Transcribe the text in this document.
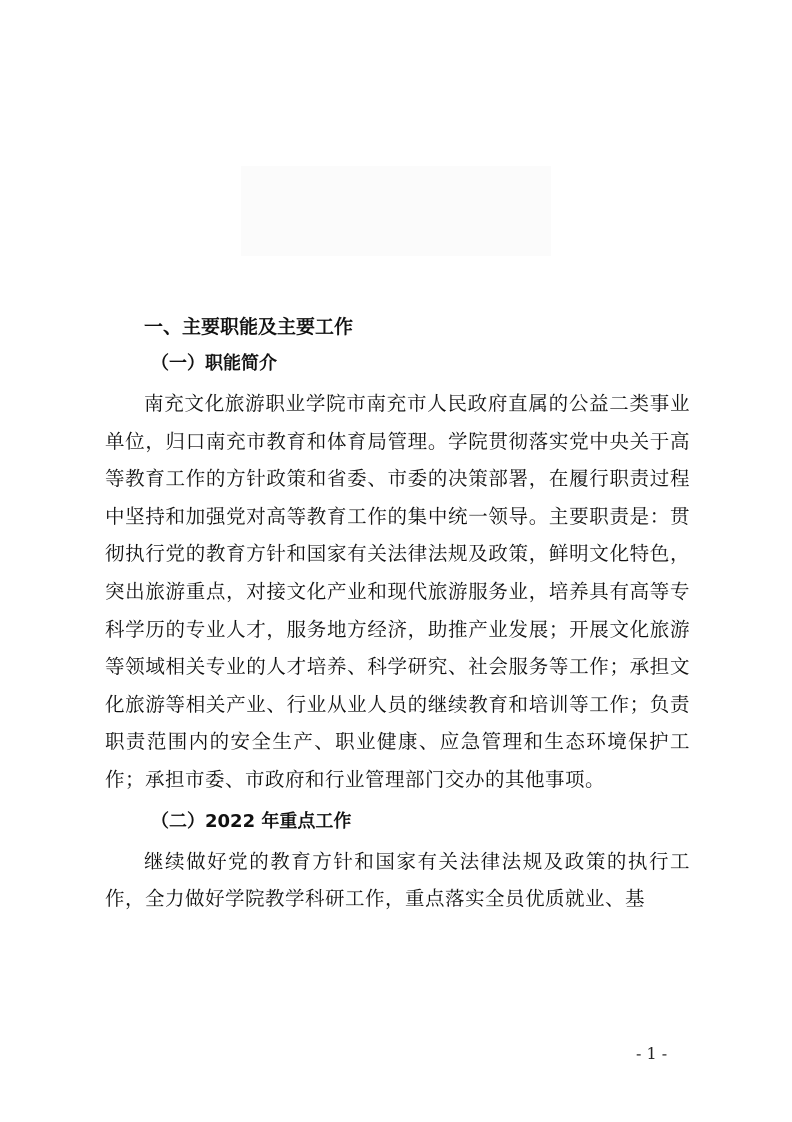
一、主要职能及主要工作
（一）职能简介

南充文化旅游职业学院市南充市人民政府直属的公益二类事业单位，归口南充市教育和体育局管理。学院贯彻落实党中央关于高等教育工作的方针政策和省委、市委的决策部署，在履行职责过程中坚持和加强党对高等教育工作的集中统一领导。主要职责是：贯彻执行党的教育方针和国家有关法律法规及政策，鲜明文化特色，突出旅游重点，对接文化产业和现代旅游服务业，培养具有高等专科学历的专业人才，服务地方经济，助推产业发展；开展文化旅游等领域相关专业的人才培养、科学研究、社会服务等工作；承担文化旅游等相关产业、行业从业人员的继续教育和培训等工作；负责职责范围内的安全生产、职业健康、应急管理和生态环境保护工作；承担市委、市政府和行业管理部门交办的其他事项。

（二）2022 年重点工作

继续做好党的教育方针和国家有关法律法规及政策的执行工作，全力做好学院教学科研工作，重点落实全员优质就业、基

- 1 -
